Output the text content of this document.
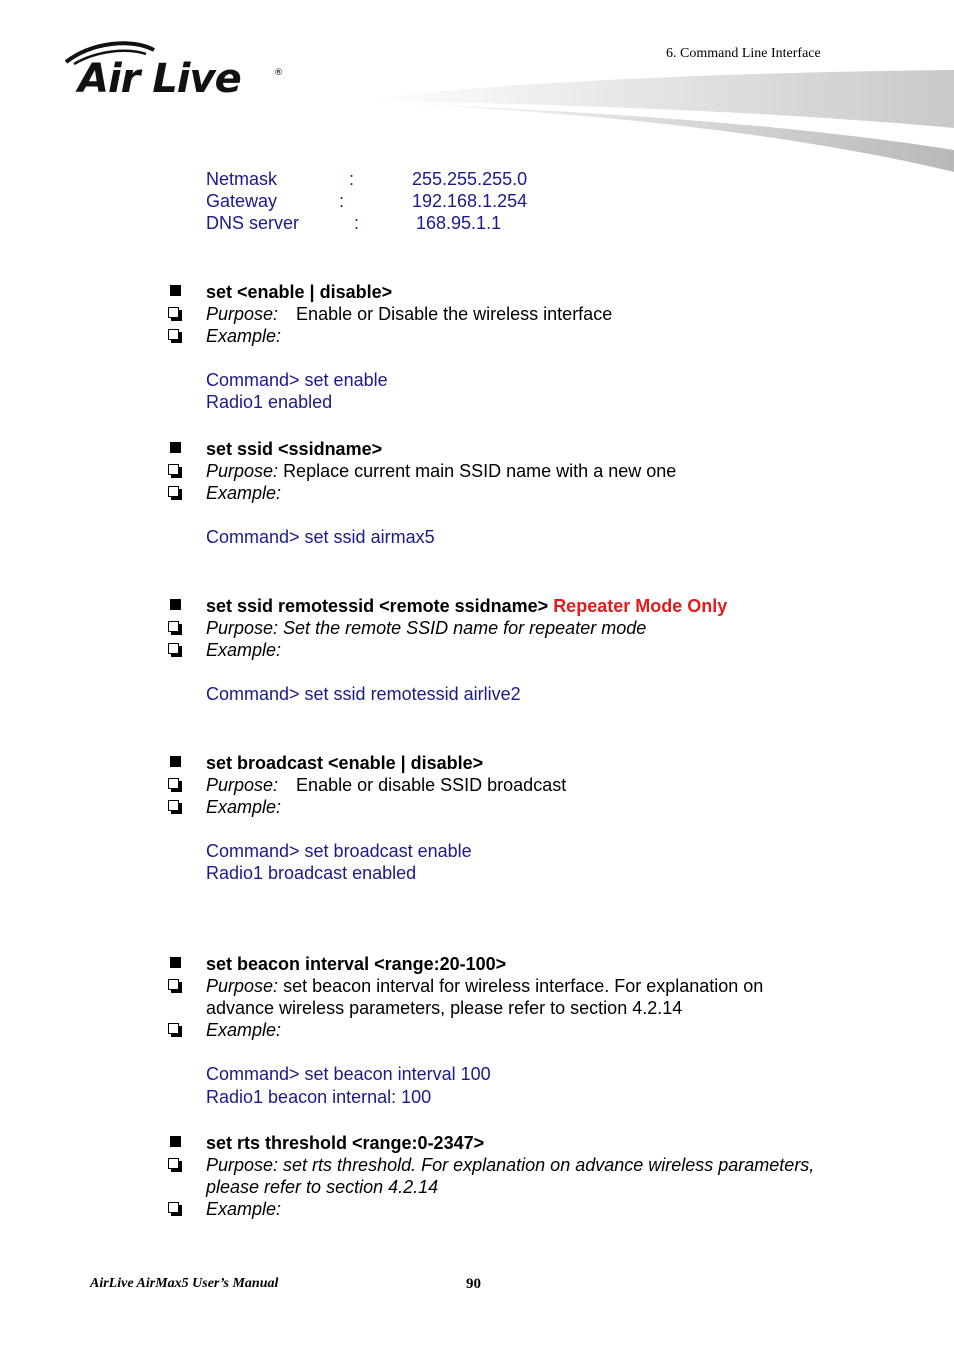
Air Live	®
6. Command Line Interface
Netmask	:	255.255.255.0
Gateway	:	192.168.1.254
DNS server	:	168.95.1.1
set <enable | disable>
Purpose: Enable or Disable the wireless interface
Example:
Command> set enable
Radio1 enabled
set ssid <ssidname>
Purpose: Replace current main SSID name with a new one
Example:
Command> set ssid airmax5
set ssid remotessid <remote ssidname> Repeater Mode Only
Purpose: Set the remote SSID name for repeater mode
Example:
Command> set ssid remotessid airlive2
set broadcast <enable | disable>
Purpose: Enable or disable SSID broadcast
Example:
Command> set broadcast enable
Radio1 broadcast enabled
set beacon interval <range:20-100>
Purpose: set beacon interval for wireless interface. For explanation on
advance wireless parameters, please refer to section 4.2.14
Example:
Command> set beacon interval 100
Radio1 beacon internal: 100
set rts threshold <range:0-2347>
Purpose: set rts threshold. For explanation on advance wireless parameters,
please refer to section 4.2.14
Example:
AirLive AirMax5 User’s Manual	90
